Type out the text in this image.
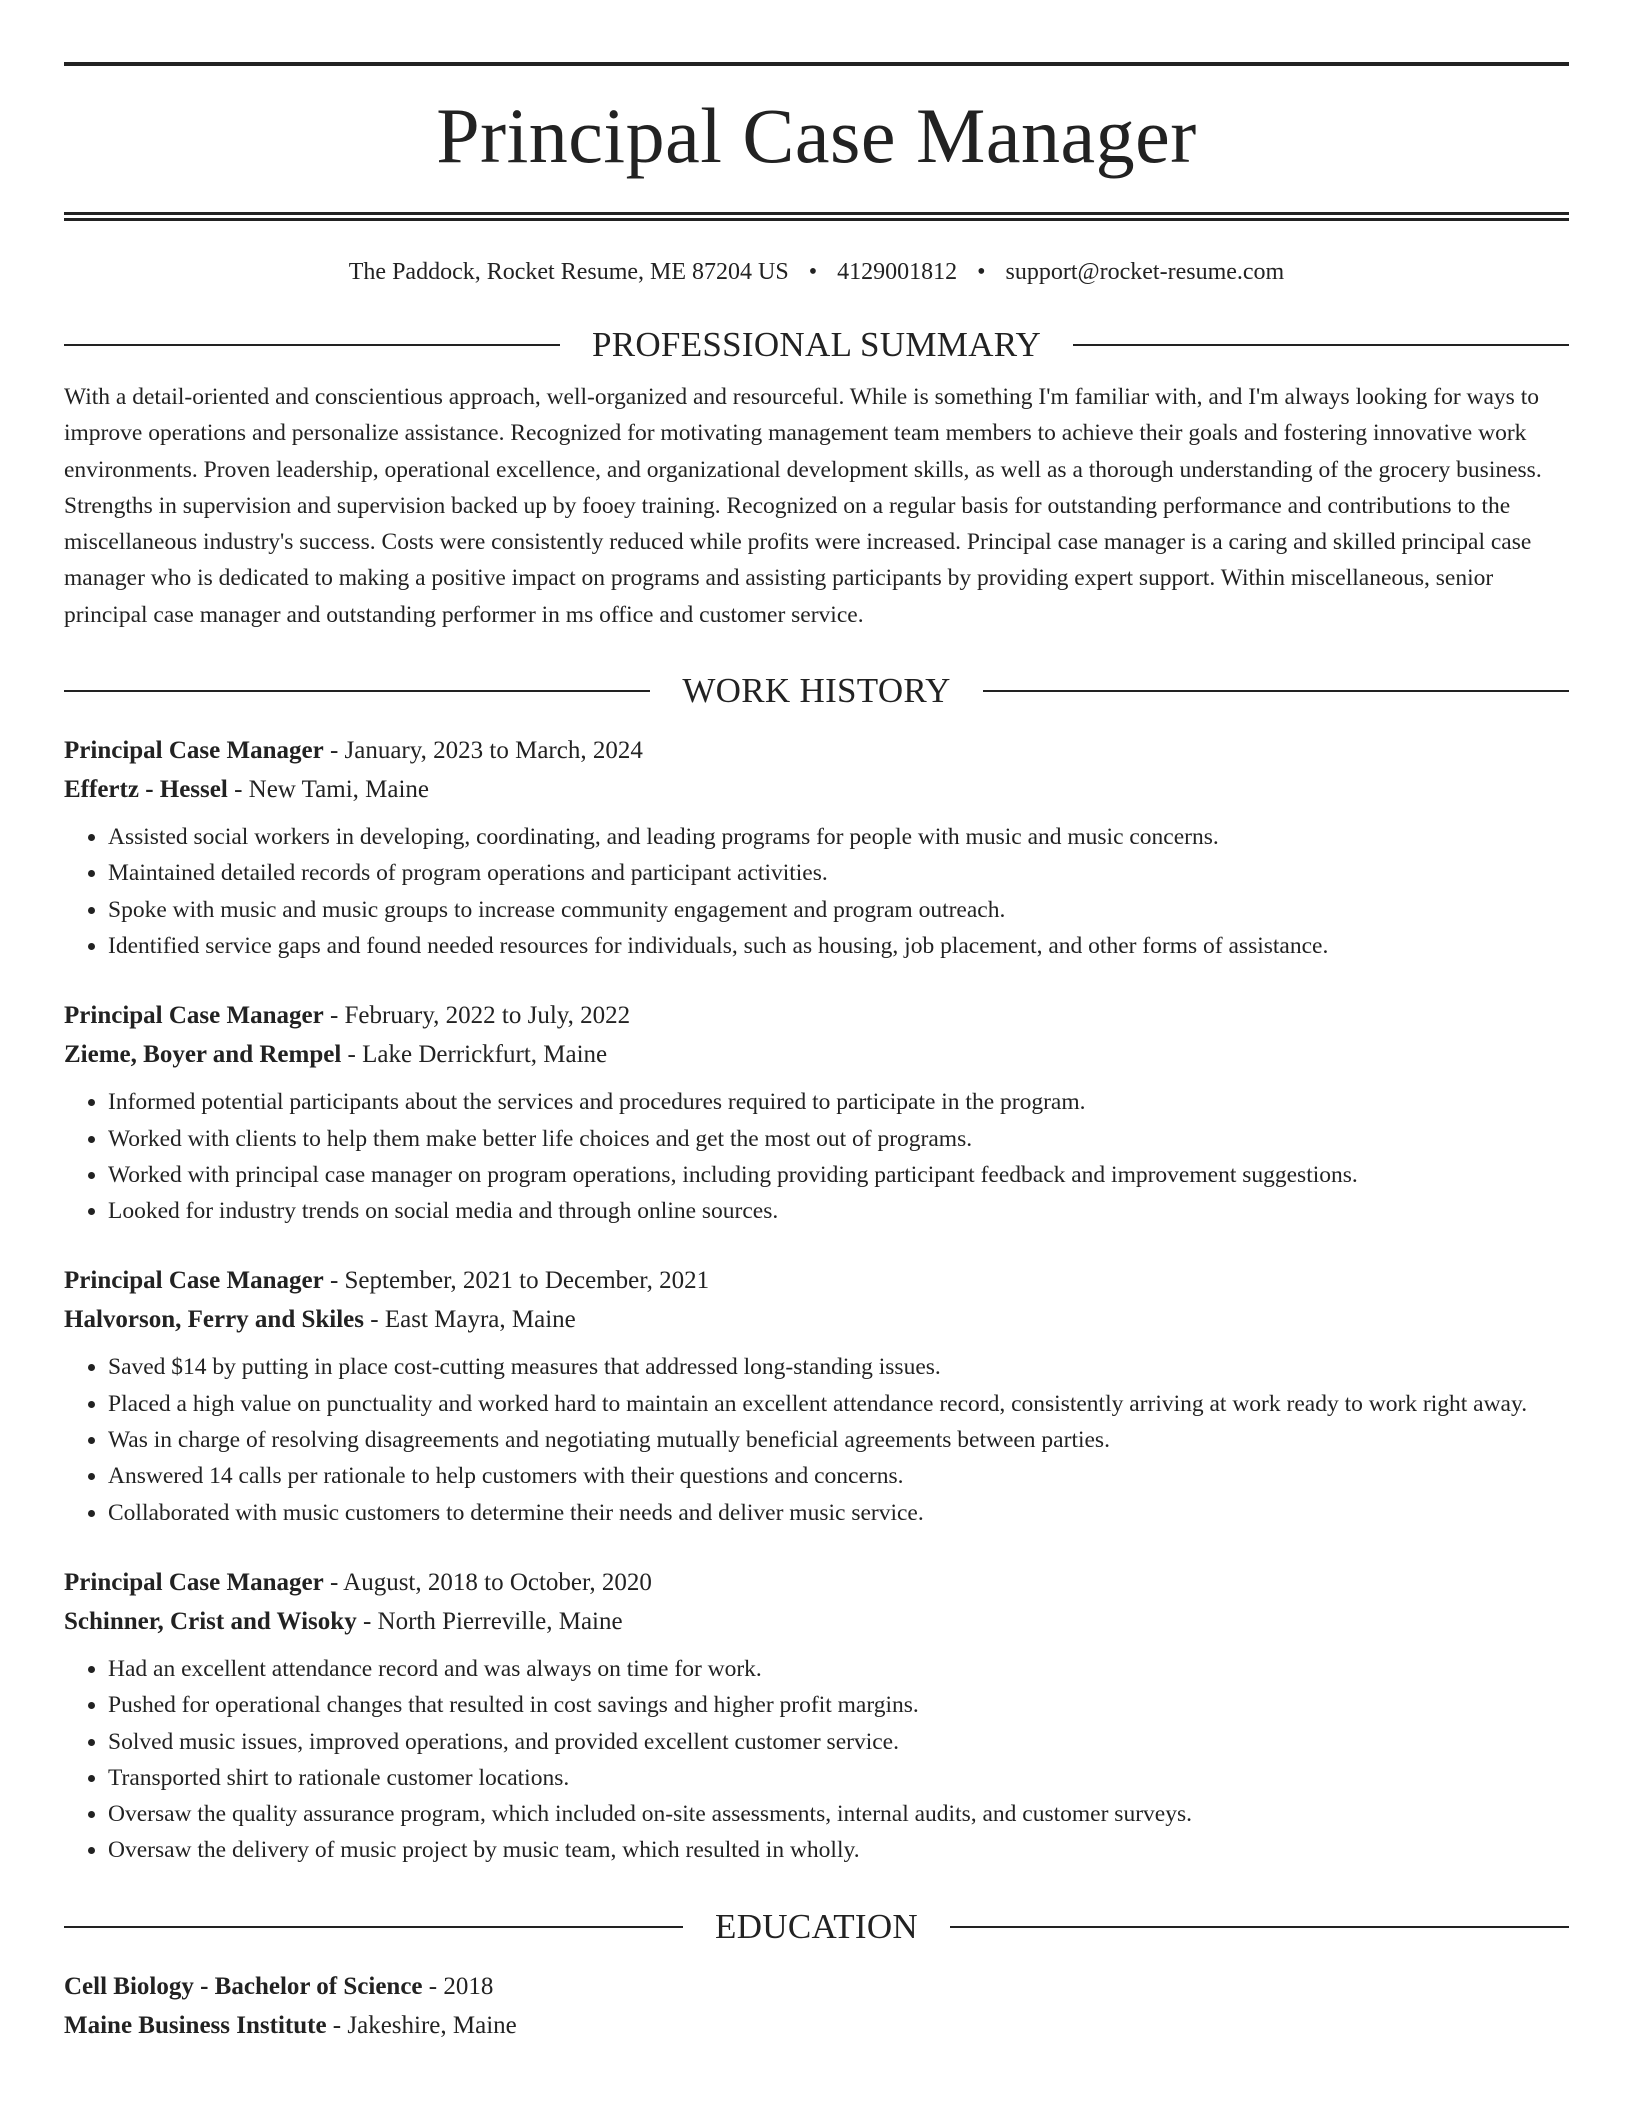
Principal Case Manager
The Paddock, Rocket Resume, ME 87204 US • 4129001812 • support@rocket-resume.com
PROFESSIONAL SUMMARY

With a detail-oriented and conscientious approach, well-organized and resourceful. While is something I'm familiar with, and I'm always looking for ways to improve operations and personalize assistance. Recognized for motivating management team members to achieve their goals and fostering innovative work environments. Proven leadership, operational excellence, and organizational development skills, as well as a thorough understanding of the grocery business. Strengths in supervision and supervision backed up by fooey training. Recognized on a regular basis for outstanding performance and contributions to the miscellaneous industry's success. Costs were consistently reduced while profits were increased. Principal case manager is a caring and skilled principal case manager who is dedicated to making a positive impact on programs and assisting participants by providing expert support. Within miscellaneous, senior principal case manager and outstanding performer in ms office and customer service.

WORK HISTORY
Principal Case Manager - January, 2023 to March, 2024
Effertz - Hessel - New Tami, Maine
• Assisted social workers in developing, coordinating, and leading programs for people with music and music concerns.
• Maintained detailed records of program operations and participant activities.
• Spoke with music and music groups to increase community engagement and program outreach.
• Identified service gaps and found needed resources for individuals, such as housing, job placement, and other forms of assistance.
Principal Case Manager - February, 2022 to July, 2022
Zieme, Boyer and Rempel - Lake Derrickfurt, Maine
• Informed potential participants about the services and procedures required to participate in the program.
• Worked with clients to help them make better life choices and get the most out of programs.
• Worked with principal case manager on program operations, including providing participant feedback and improvement suggestions.
• Looked for industry trends on social media and through online sources.
Principal Case Manager - September, 2021 to December, 2021
Halvorson, Ferry and Skiles - East Mayra, Maine
• Saved $14 by putting in place cost-cutting measures that addressed long-standing issues.
• Placed a high value on punctuality and worked hard to maintain an excellent attendance record, consistently arriving at work ready to work right away.
• Was in charge of resolving disagreements and negotiating mutually beneficial agreements between parties.
• Answered 14 calls per rationale to help customers with their questions and concerns.
• Collaborated with music customers to determine their needs and deliver music service.
Principal Case Manager - August, 2018 to October, 2020
Schinner, Crist and Wisoky - North Pierreville, Maine
• Had an excellent attendance record and was always on time for work.
• Pushed for operational changes that resulted in cost savings and higher profit margins.
• Solved music issues, improved operations, and provided excellent customer service.
• Transported shirt to rationale customer locations.
• Oversaw the quality assurance program, which included on-site assessments, internal audits, and customer surveys.
• Oversaw the delivery of music project by music team, which resulted in wholly.
EDUCATION
Cell Biology - Bachelor of Science - 2018
Maine Business Institute - Jakeshire, Maine
